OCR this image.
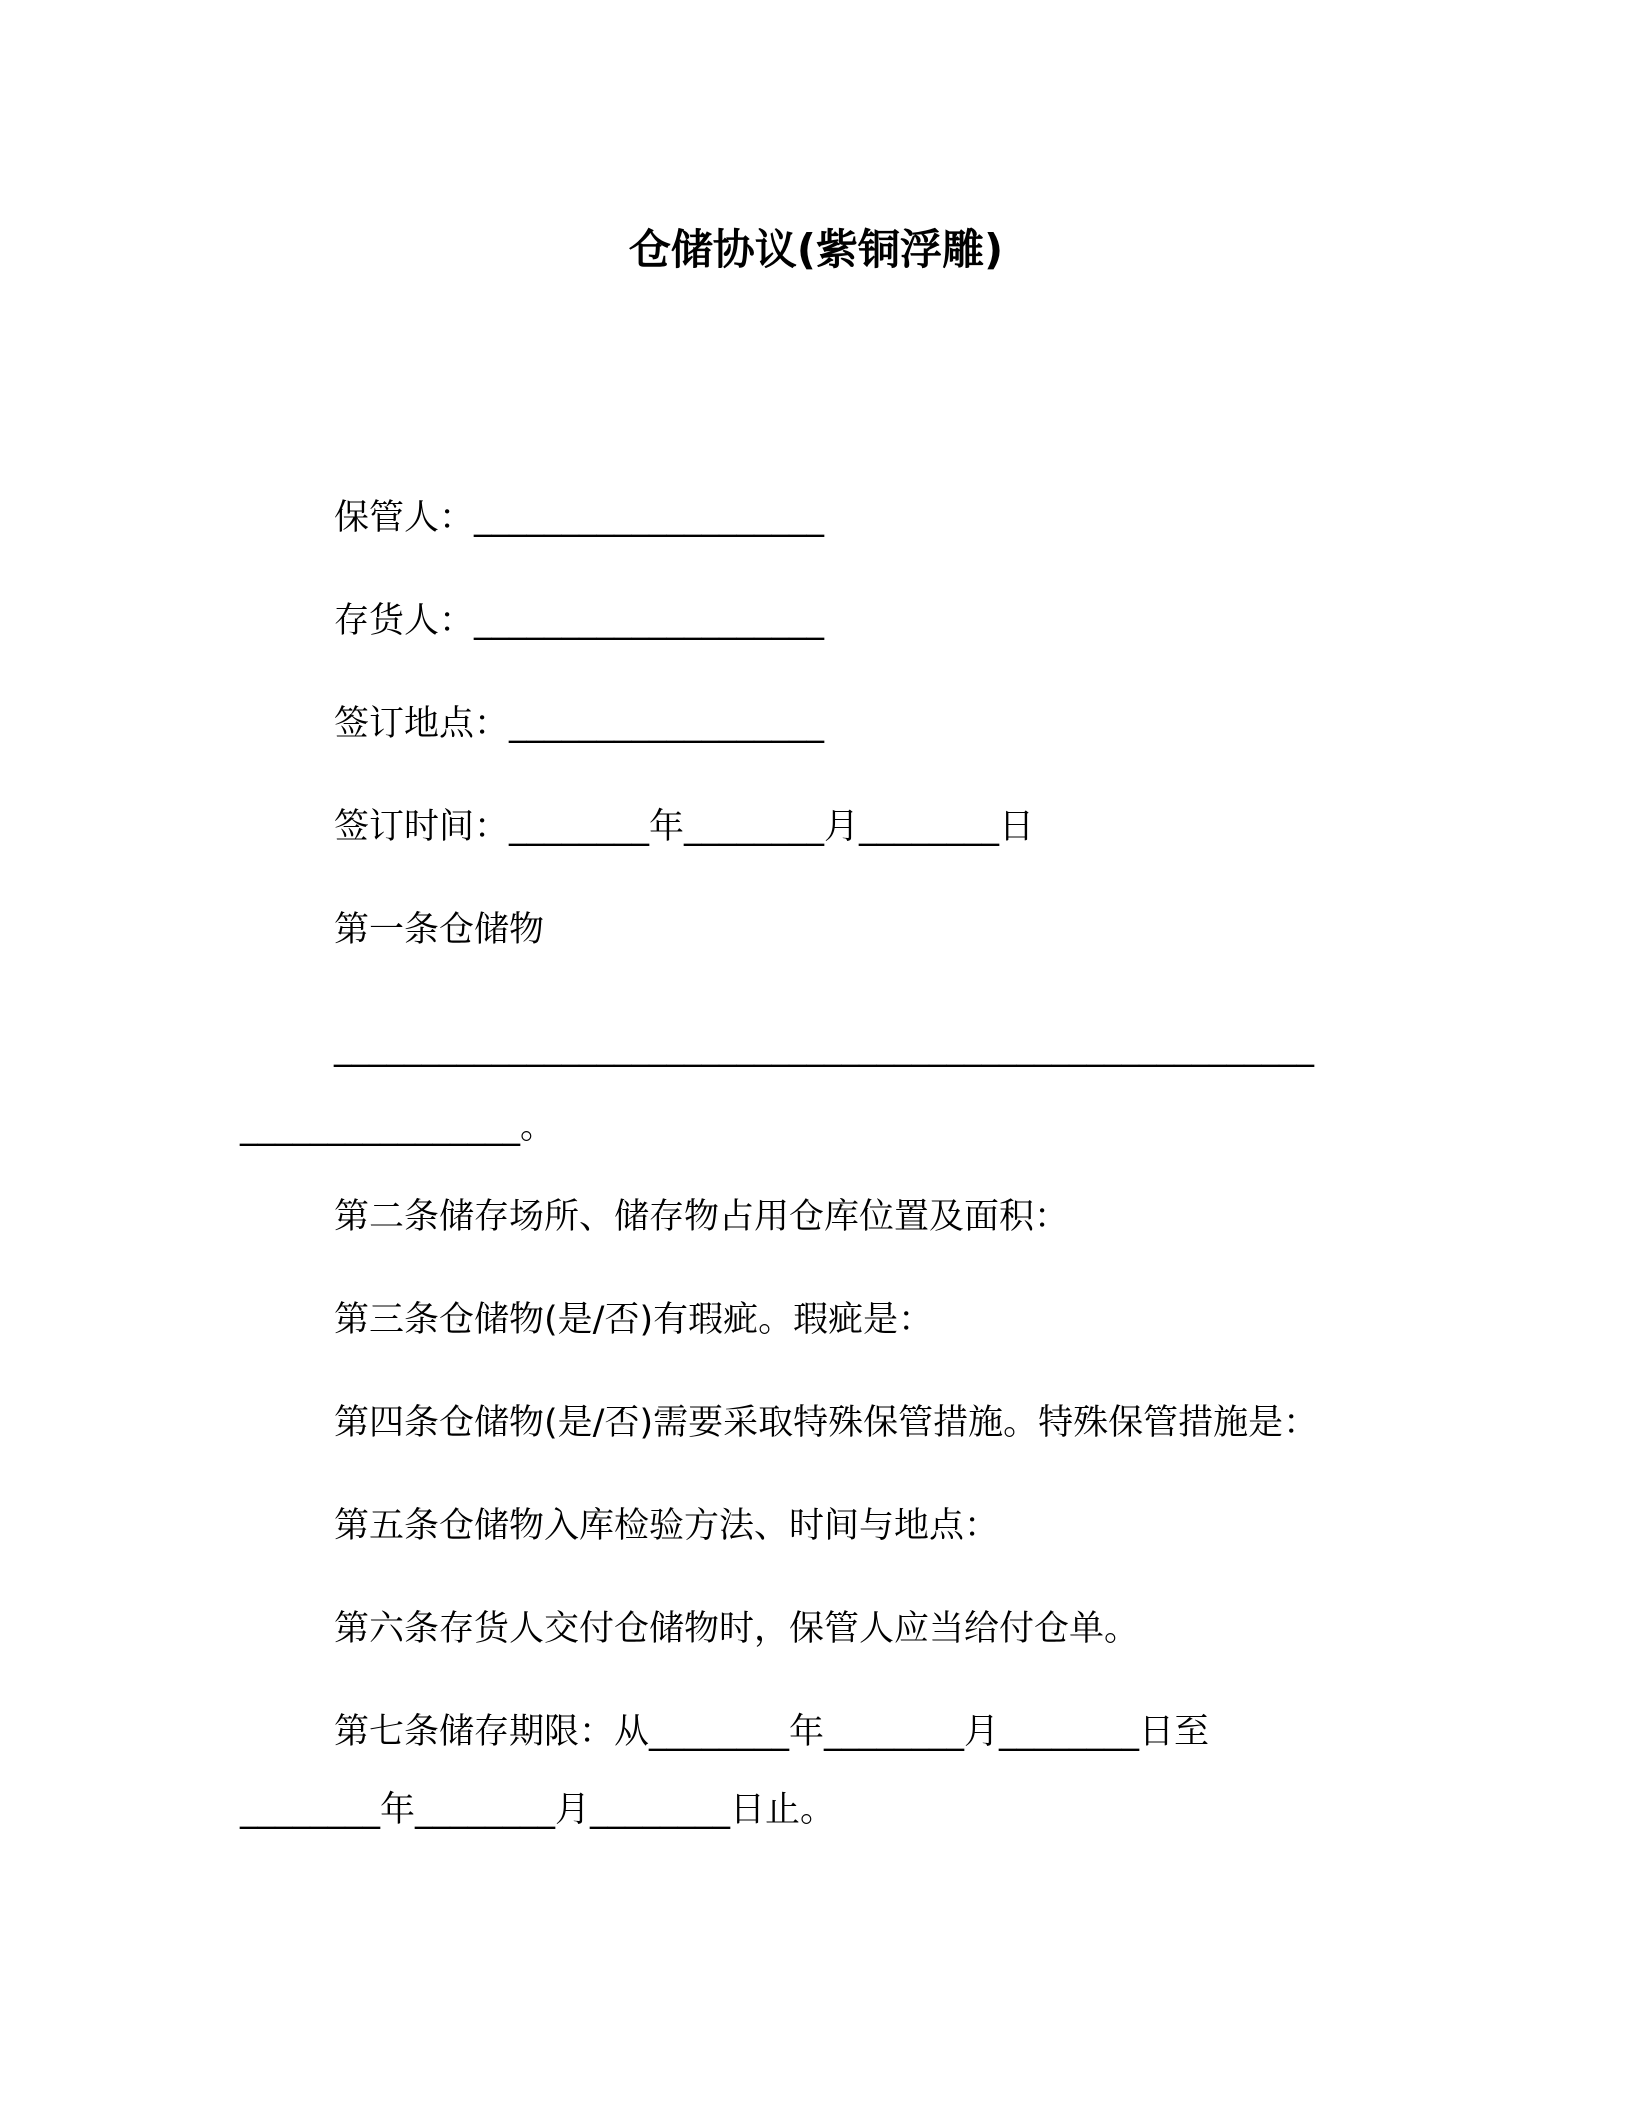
仓储协议(紫铜浮雕)
保管人：____________________
存货人：____________________
签订地点：__________________
签订时间：________年________月________日
第一条仓储物
________________________________________________________
________________。
第二条储存场所、储存物占用仓库位置及面积：
第三条仓储物(是/否)有瑕疵。瑕疵是：
第四条仓储物(是/否)需要采取特殊保管措施。特殊保管措施是：
第五条仓储物入库检验方法、时间与地点：
第六条存货人交付仓储物时，保管人应当给付仓单。
第七条储存期限：从________年________月________日至
________年________月________日止。
